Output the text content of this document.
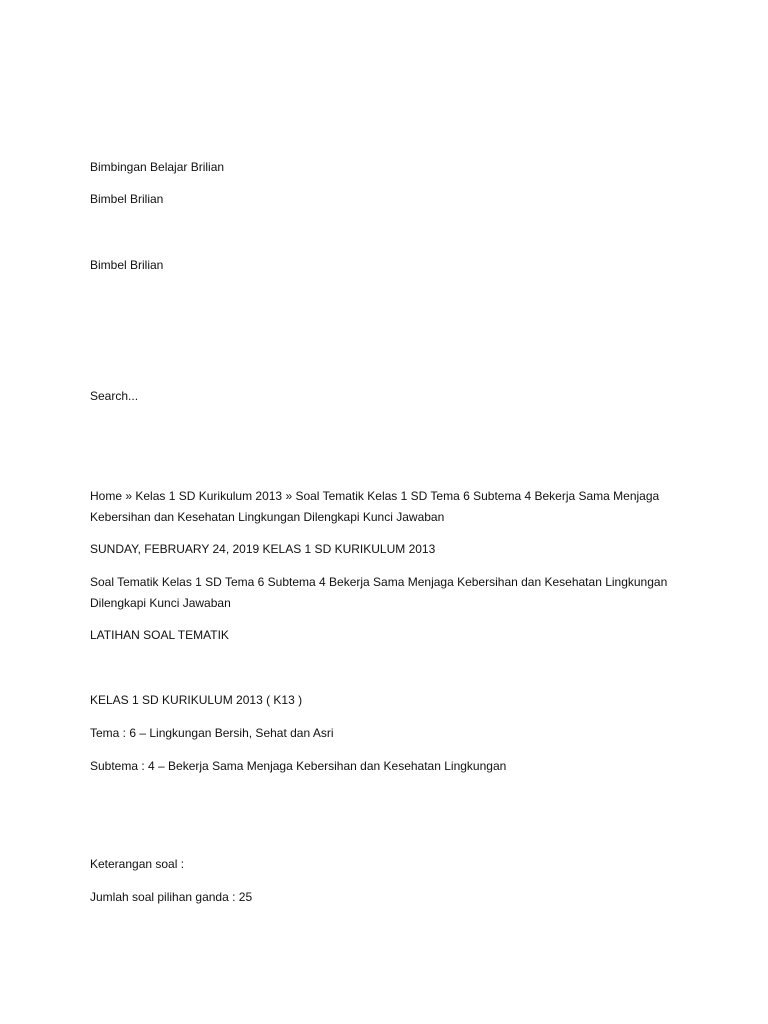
Bimbingan Belajar Brilian

Bimbel Brilian

Bimbel Brilian

Search...

Home » Kelas 1 SD Kurikulum 2013 » Soal Tematik Kelas 1 SD Tema 6 Subtema 4 Bekerja Sama Menjaga Kebersihan dan Kesehatan Lingkungan Dilengkapi Kunci Jawaban

SUNDAY, FEBRUARY 24, 2019 KELAS 1 SD KURIKULUM 2013

Soal Tematik Kelas 1 SD Tema 6 Subtema 4 Bekerja Sama Menjaga Kebersihan dan Kesehatan Lingkungan Dilengkapi Kunci Jawaban

LATIHAN SOAL TEMATIK

KELAS 1 SD KURIKULUM 2013 ( K13 )

Tema : 6 – Lingkungan Bersih, Sehat dan Asri

Subtema : 4 – Bekerja Sama Menjaga Kebersihan dan Kesehatan Lingkungan

Keterangan soal :

Jumlah soal pilihan ganda : 25
